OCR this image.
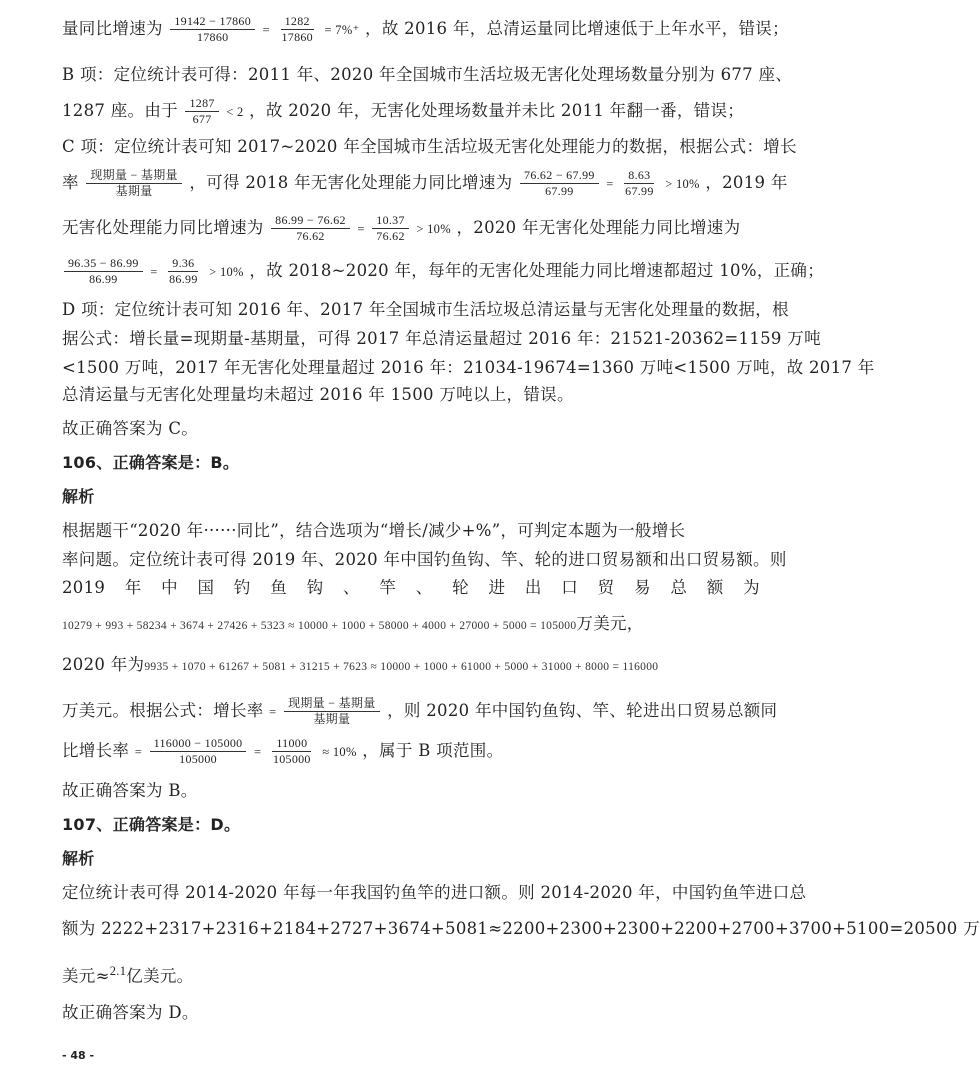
量同比增速为 $\frac{19142 - 17860}{17860} = \frac{1282}{17860} = 7\%^+$ ，故 2016 年，总清运量同比增速低于上年水平，错误；
B 项：定位统计表可得：2011 年、2020 年全国城市生活垃圾无害化处理场数量分别为 677 座、
1287 座。由于 $\frac{1287}{677} < 2$ ，故 2020 年，无害化处理场数量并未比 2011 年翻一番，错误；
C 项：定位统计表可知 2017~2020 年全国城市生活垃圾无害化处理能力的数据，根据公式：增长
率 $\frac{\text{现期量 − 基期量}}{\text{基期量}}$ ，可得 2018 年无害化处理能力同比增速为 $\frac{76.62 - 67.99}{67.99} = \frac{8.63}{67.99} > 10\%$ ，2019 年
无害化处理能力同比增速为 $\frac{86.99 - 76.62}{76.62} = \frac{10.37}{76.62} > 10\%$ ，2020 年无害化处理能力同比增速为
$\frac{96.35 - 86.99}{86.99} = \frac{9.36}{86.99} > 10\%$ ，故 2018~2020 年，每年的无害化处理能力同比增速都超过 10%，正确；
D 项：定位统计表可知 2016 年、2017 年全国城市生活垃圾总清运量与无害化处理量的数据，根
据公式：增长量=现期量-基期量，可得 2017 年总清运量超过 2016 年：21521-20362=1159 万吨
<1500 万吨，2017 年无害化处理量超过 2016 年：21034-19674=1360 万吨<1500 万吨，故 2017 年
总清运量与无害化处理量均未超过 2016 年 1500 万吨以上，错误。
故正确答案为 C。
106、正确答案是：B。
解析
根据题干“2020 年······同比”，结合选项为“增长/减少+%”，可判定本题为一般增长
率问题。定位统计表可得 2019 年、2020 年中国钓鱼钩、竿、轮的进口贸易额和出口贸易额。则
2019 年 中 国 钓 鱼 钩 、 竿 、 轮 进 出 口 贸 易 总 额 为
10279 + 993 + 58234 + 3674 + 27426 + 5323 ≈ 10000 + 1000 + 58000 + 4000 + 27000 + 5000 = 105000万美元，
2020 年为9935 + 1070 + 61267 + 5081 + 31215 + 7623 ≈ 10000 + 1000 + 61000 + 5000 + 31000 + 8000 = 116000
万美元。根据公式：增长率 = $\frac{\text{现期量 − 基期量}}{\text{基期量}}$ ，则 2020 年中国钓鱼钩、竿、轮进出口贸易总额同
比增长率 = $\frac{116000 - 105000}{105000} = \frac{11000}{105000} \approx 10\%$ ，属于 B 项范围。
故正确答案为 B。
107、正确答案是：D。
解析
定位统计表可得 2014-2020 年每一年我国钓鱼竿的进口额。则 2014-2020 年，中国钓鱼竿进口总
额为 2222+2317+2316+2184+2727+3674+5081≈2200+2300+2300+2200+2700+3700+5100=20500 万
美元≈$^{2.1}$亿美元。
故正确答案为 D。
- 48 -
